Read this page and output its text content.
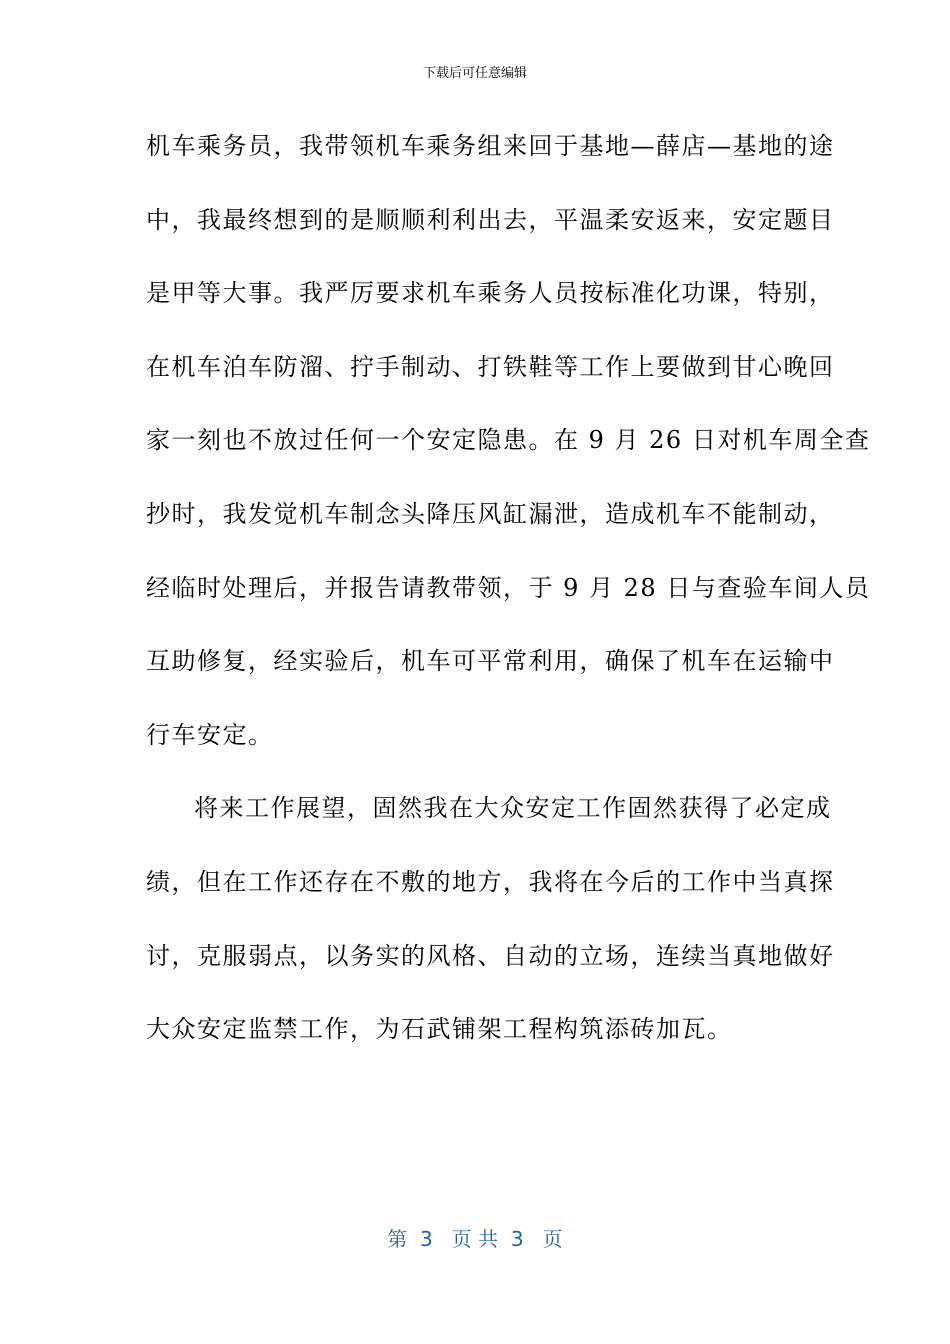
下载后可任意编辑
机车乘务员，我带领机车乘务组来回于基地—薛店—基地的途
中，我最终想到的是顺顺利利出去，平温柔安返来，安定题目
是甲等大事。我严厉要求机车乘务人员按标准化功课，特别，
在机车泊车防溜、拧手制动、打铁鞋等工作上要做到甘心晚回
家一刻也不放过任何一个安定隐患。在 9 月 26 日对机车周全查
抄时，我发觉机车制念头降压风缸漏泄，造成机车不能制动，
经临时处理后，并报告请教带领，于 9 月 28 日与查验车间人员
互助修复，经实验后，机车可平常利用，确保了机车在运输中
行车安定。
将来工作展望，固然我在大众安定工作固然获得了必定成
绩，但在工作还存在不敷的地方，我将在今后的工作中当真探
讨，克服弱点，以务实的风格、自动的立场，连续当真地做好
大众安定监禁工作，为石武铺架工程构筑添砖加瓦。
第  3   页 共  3   页
